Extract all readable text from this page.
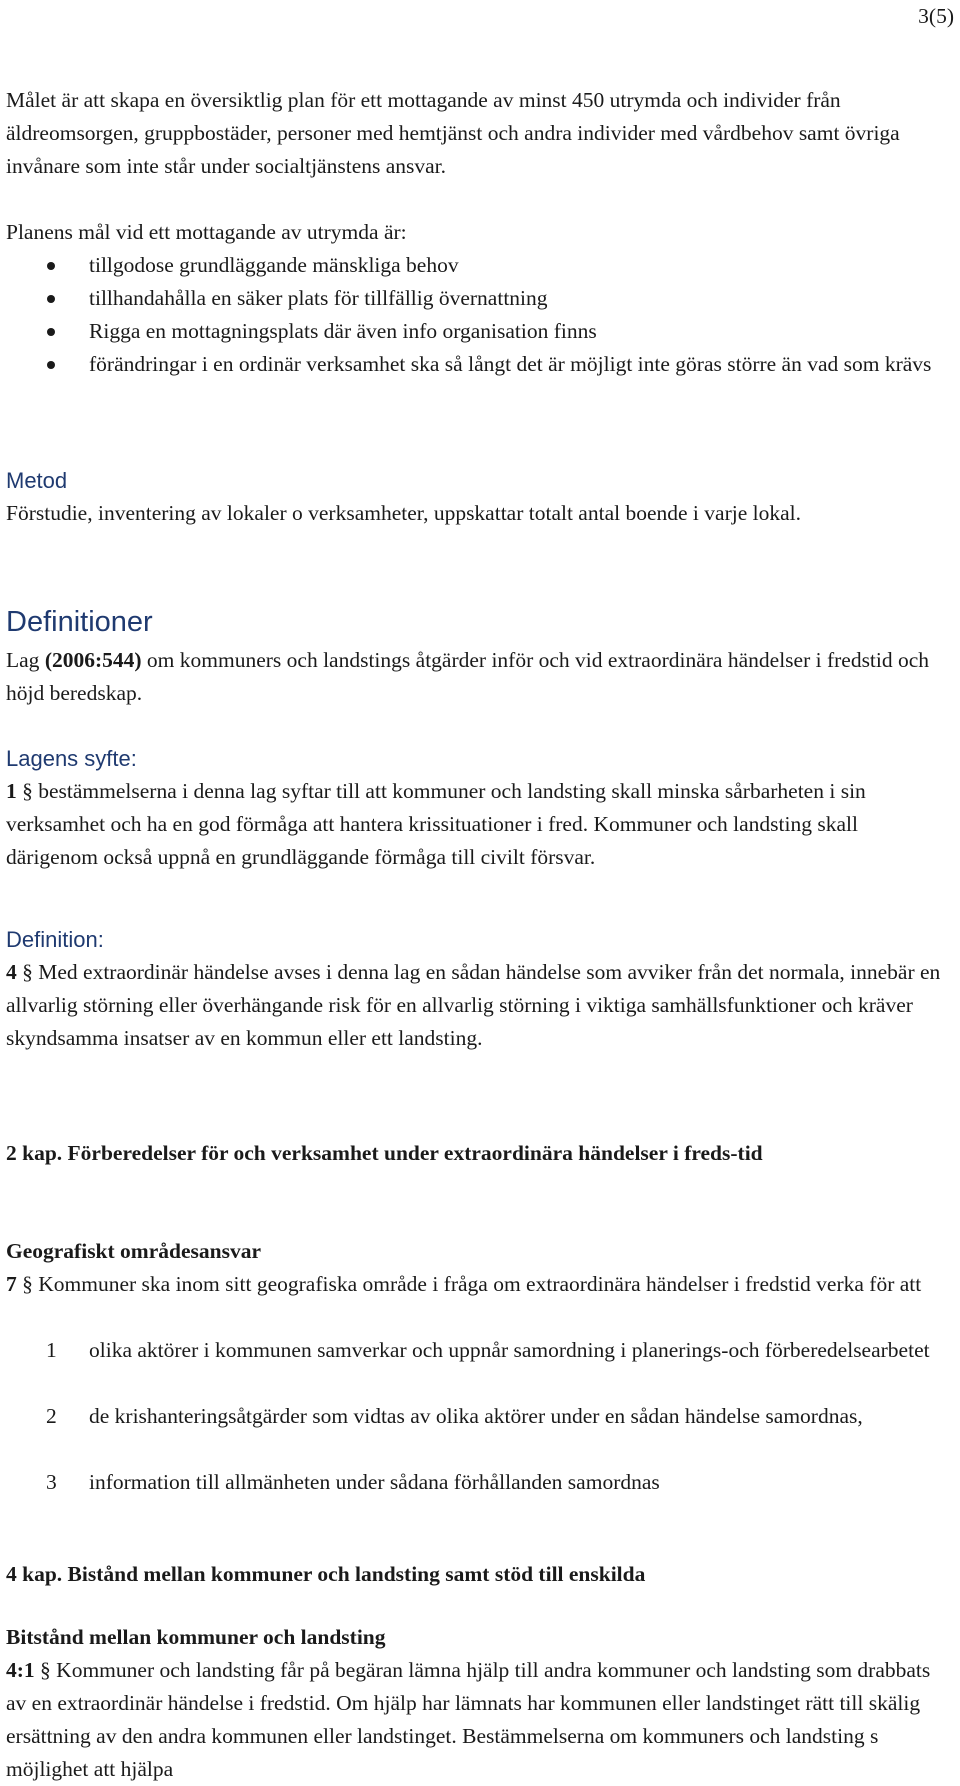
3(5)
Målet är att skapa en översiktlig plan för ett mottagande av minst 450 utrymda och individer från äldreomsorgen, gruppbostäder, personer med hemtjänst och andra individer med vårdbehov samt övriga invånare som inte står under socialtjänstens ansvar.
Planens mål vid ett mottagande av utrymda är:
tillgodose grundläggande mänskliga behov
tillhandahålla en säker plats för tillfällig övernattning
Rigga en mottagningsplats där även info organisation finns
förändringar i en ordinär verksamhet ska så långt det är möjligt inte göras större än vad som krävs
Metod
Förstudie, inventering av lokaler o verksamheter, uppskattar totalt antal boende i varje lokal.
Definitioner
Lag (2006:544) om kommuners och landstings åtgärder inför och vid extraordinära händelser i fredstid och höjd beredskap.
Lagens syfte:
1 § bestämmelserna i denna lag syftar till att kommuner och landsting skall minska sårbarheten i sin verksamhet och ha en god förmåga att hantera krissituationer i fred. Kommuner och landsting skall därigenom också uppnå en grundläggande förmåga till civilt försvar.
Definition:
4 § Med extraordinär händelse avses i denna lag en sådan händelse som avviker från det normala, innebär en allvarlig störning eller överhängande risk för en allvarlig störning i viktiga samhällsfunktioner och kräver skyndsamma insatser av en kommun eller ett landsting.
2 kap. Förberedelser för och verksamhet under extraordinära händelser i freds-tid
Geografiskt områdesansvar
7 § Kommuner ska inom sitt geografiska område i fråga om extraordinära händelser i fredstid verka för att
1 olika aktörer i kommunen samverkar och uppnår samordning i planerings-och förberedelsearbetet
2 de krishanteringsåtgärder som vidtas av olika aktörer under en sådan händelse samordnas,
3 information till allmänheten under sådana förhållanden samordnas
4 kap. Bistånd mellan kommuner och landsting samt stöd till enskilda
Bitstånd mellan kommuner och landsting
4:1 § Kommuner och landsting får på begäran lämna hjälp till andra kommuner och landsting som drabbats av en extraordinär händelse i fredstid. Om hjälp har lämnats har kommunen eller landstinget rätt till skälig ersättning av den andra kommunen eller landstinget. Bestämmelserna om kommuners och landsting s möjlighet att hjälpa
